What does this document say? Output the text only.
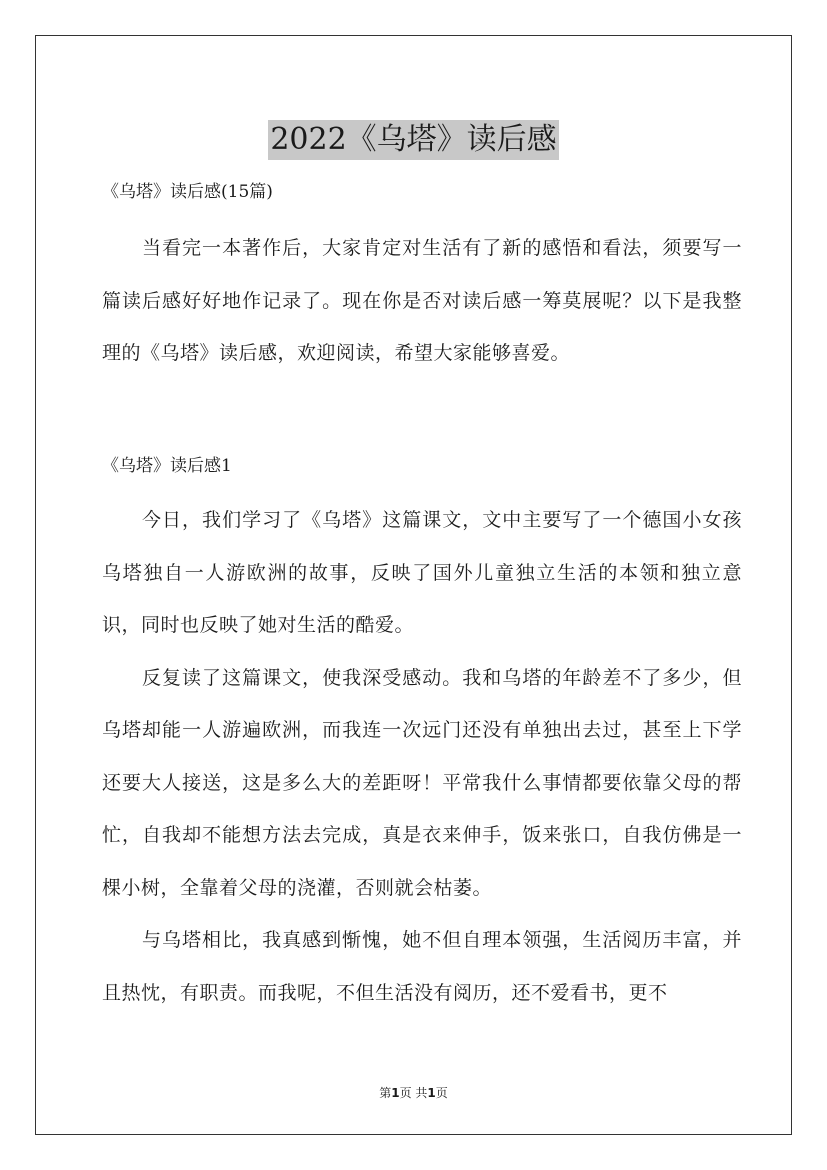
2022《乌塔》读后感
《乌塔》读后感(15篇)

当看完一本著作后，大家肯定对生活有了新的感悟和看法，须要写一篇读后感好好地作记录了。现在你是否对读后感一筹莫展呢？以下是我整理的《乌塔》读后感，欢迎阅读，希望大家能够喜爱。

《乌塔》读后感1

今日，我们学习了《乌塔》这篇课文，文中主要写了一个德国小女孩乌塔独自一人游欧洲的故事，反映了国外儿童独立生活的本领和独立意识，同时也反映了她对生活的酷爱。

反复读了这篇课文，使我深受感动。我和乌塔的年龄差不了多少，但乌塔却能一人游遍欧洲，而我连一次远门还没有单独出去过，甚至上下学还要大人接送，这是多么大的差距呀！平常我什么事情都要依靠父母的帮忙，自我却不能想方法去完成，真是衣来伸手，饭来张口，自我仿佛是一棵小树，全靠着父母的浇灌，否则就会枯萎。

与乌塔相比，我真感到惭愧，她不但自理本领强，生活阅历丰富，并且热忱，有职责。而我呢，不但生活没有阅历，还不爱看书，更不

第1页 共1页
